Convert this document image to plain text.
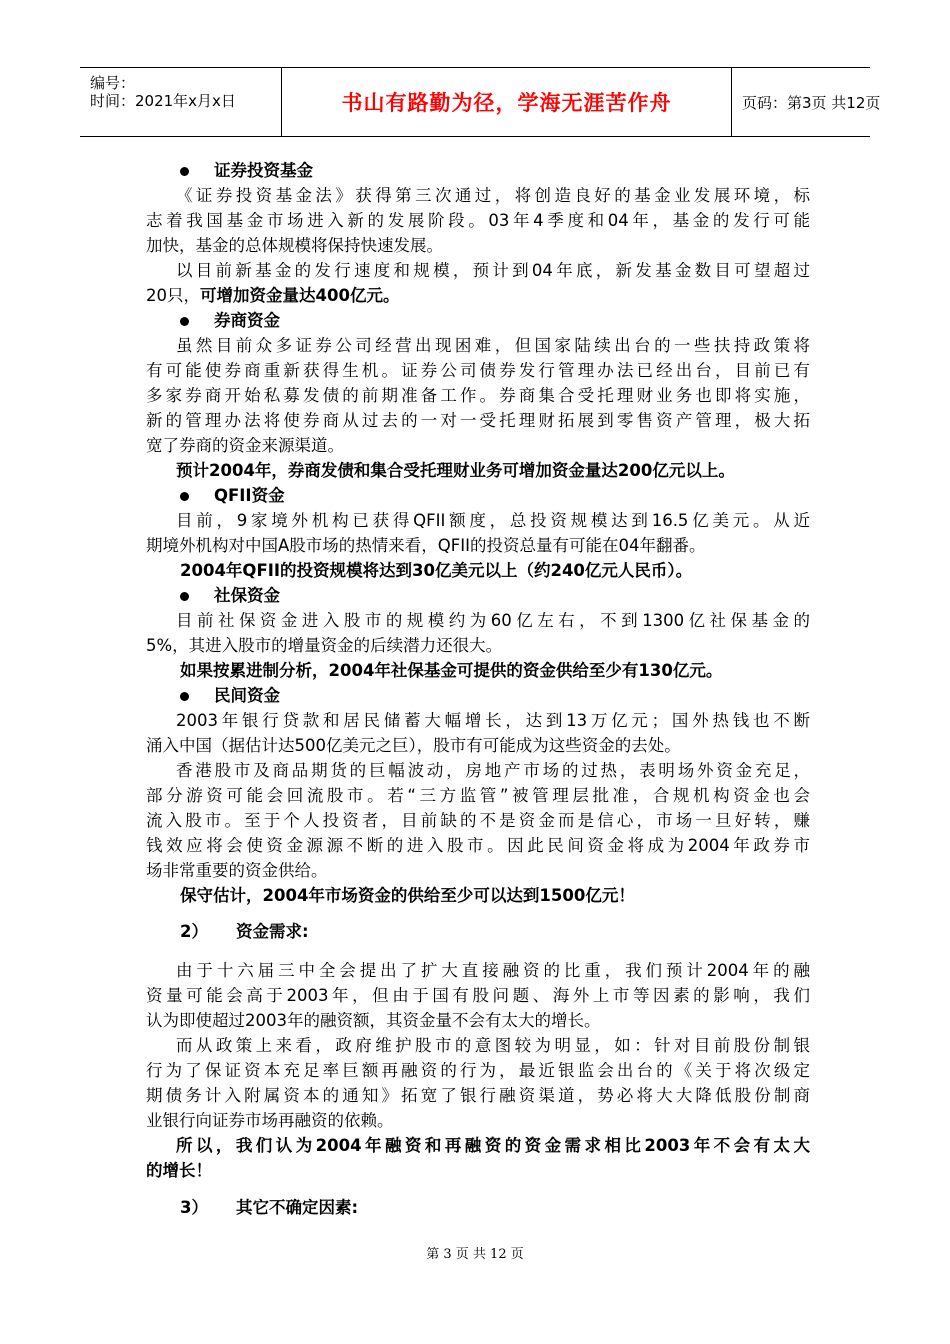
编号：
时间：2021年x月x日	书山有路勤为径，学海无涯苦作舟	页码：第3页 共12页
证券投资基金
《证券投资基金法》获得第三次通过，将创造良好的基金业发展环境，标
志着我国基金市场进入新的发展阶段。03年4季度和04年，基金的发行可能
加快，基金的总体规模将保持快速发展。
以目前新基金的发行速度和规模，预计到04年底，新发基金数目可望超过
20只，可增加资金量达400亿元。
券商资金
虽然目前众多证券公司经营出现困难，但国家陆续出台的一些扶持政策将
有可能使券商重新获得生机。证券公司债券发行管理办法已经出台，目前已有
多家券商开始私募发债的前期准备工作。券商集合受托理财业务也即将实施，
新的管理办法将使券商从过去的一对一受托理财拓展到零售资产管理，极大拓
宽了券商的资金来源渠道。
预计2004年，券商发债和集合受托理财业务可增加资金量达200亿元以上。
QFII资金
目前，9家境外机构已获得QFII额度，总投资规模达到16.5亿美元。从近
期境外机构对中国A股市场的热情来看，QFII的投资总量有可能在04年翻番。
2004年QFII的投资规模将达到30亿美元以上（约240亿元人民币）。
社保资金
目前社保资金进入股市的规模约为60亿左右，不到1300亿社保基金的
5%，其进入股市的增量资金的后续潜力还很大。
如果按累进制分析，2004年社保基金可提供的资金供给至少有130亿元。
民间资金
2003年银行贷款和居民储蓄大幅增长，达到13万亿元；国外热钱也不断
涌入中国（据估计达500亿美元之巨），股市有可能成为这些资金的去处。
香港股市及商品期货的巨幅波动，房地产市场的过热，表明场外资金充足，
部分游资可能会回流股市。若“三方监管”被管理层批准，合规机构资金也会
流入股市。至于个人投资者，目前缺的不是资金而是信心，市场一旦好转，赚
钱效应将会使资金源源不断的进入股市。因此民间资金将成为2004年政券市
场非常重要的资金供给。
保守估计，2004年市场资金的供给至少可以达到1500亿元！
2） 资金需求:
由于十六届三中全会提出了扩大直接融资的比重，我们预计2004年的融
资量可能会高于2003年，但由于国有股问题、海外上市等因素的影响，我们
认为即使超过2003年的融资额，其资金量不会有太大的增长。
而从政策上来看，政府维护股市的意图较为明显，如：针对目前股份制银
行为了保证资本充足率巨额再融资的行为，最近银监会出台的《关于将次级定
期债务计入附属资本的通知》拓宽了银行融资渠道，势必将大大降低股份制商
业银行向证券市场再融资的依赖。
所以，我们认为2004年融资和再融资的资金需求相比2003年不会有太大
的增长！
3） 其它不确定因素:
第 3 页 共 12 页
